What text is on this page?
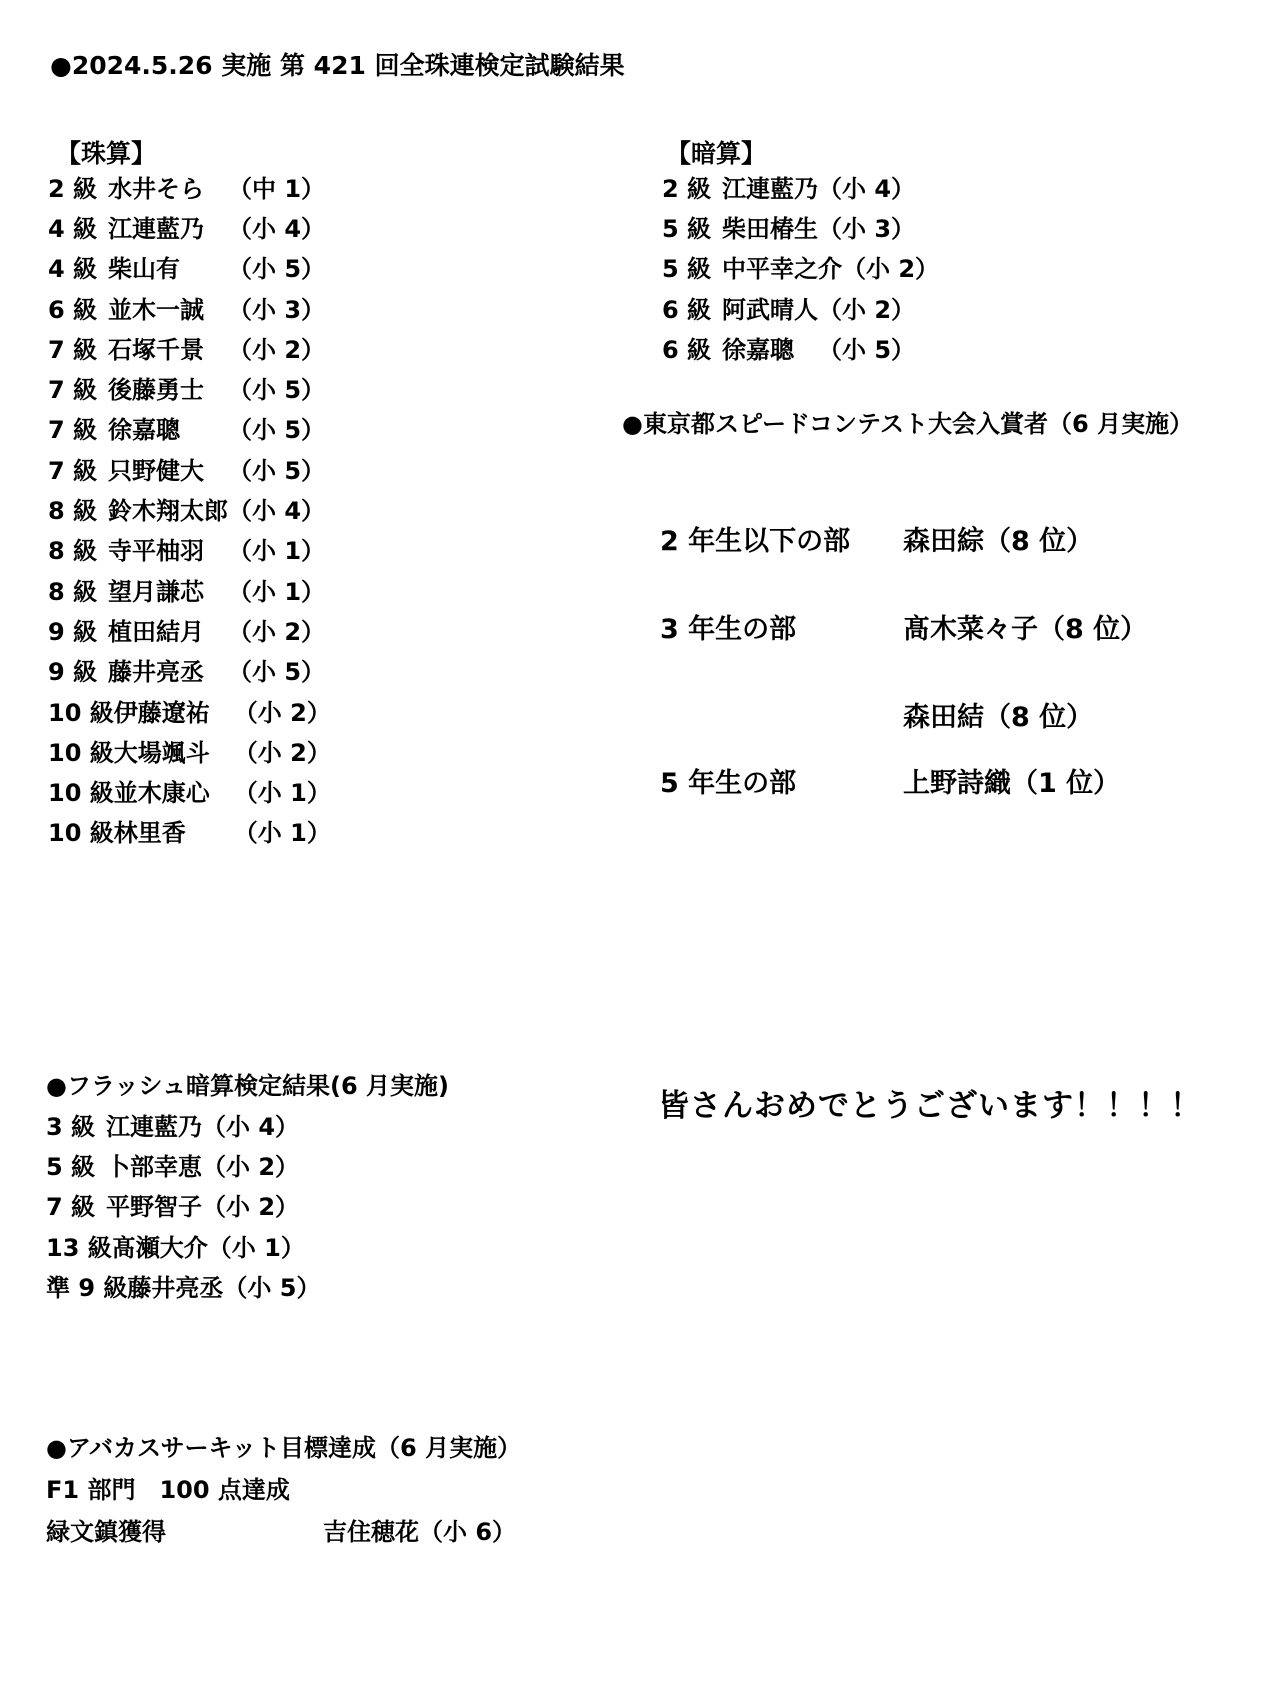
●2024.5.26 実施 第 421 回全珠連検定試験結果
【珠算】
2 級 水井そら	（中 1）
4 級 江連藍乃	（小 4）
4 級 柴山有	（小 5）
6 級 並木一誠	（小 3）
7 級 石塚千景	（小 2）
7 級 後藤勇士	（小 5）
7 級 徐嘉聰	（小 5）
7 級 只野健大	（小 5）
8 級 鈴木翔太郎 （小 4）
8 級 寺平柚羽	（小 1）
8 級 望月謙芯	（小 1）
9 級 植田結月	（小 2）
9 級 藤井亮丞	（小 5）
10 級 伊藤遼祐	（小 2）
10 級 大場颯斗	（小 2）
10 級 並木康心	（小 1）
10 級 林里香	（小 1）
【暗算】
2 級 江連藍乃 （小 4）
5 級 柴田椿生 （小 3）
5 級 中平幸之介 （小 2）
6 級 阿武晴人 （小 2）
6 級 徐嘉聰	（小 5）
●東京都スピードコンテスト大会入賞者（6 月実施）
2 年生以下の部	森田綜（8 位）
3 年生の部	髙木菜々子（8 位）
森田結（8 位）
5 年生の部	上野詩織（1 位）
●フラッシュ暗算検定結果(6 月実施)
3 級 江連藍乃 （小 4）
5 級 卜部幸恵 （小 2）
7 級 平野智子 （小 2）
13 級 髙瀬大介 （小 1）
準 9 級 藤井亮丞 （小 5）
皆さんおめでとうございます！！！！
●アバカスサーキット目標達成（6 月実施）
F1 部門　100 点達成
緑文鎮獲得	吉住穂花（小 6）
